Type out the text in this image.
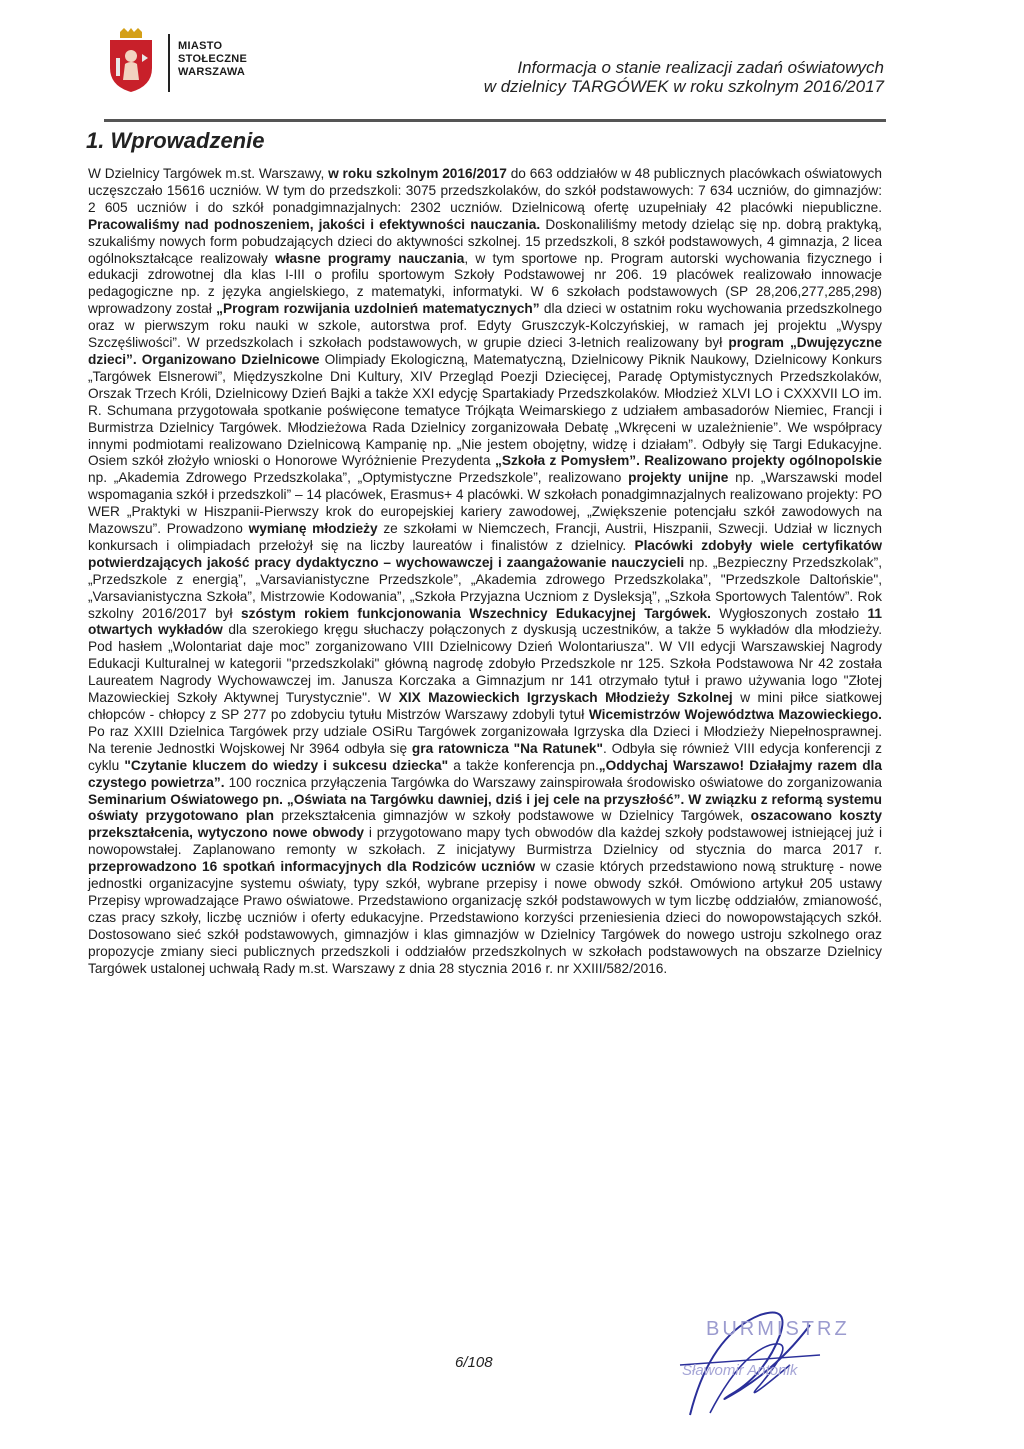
MIASTO
STOŁECZNE
WARSZAWA	Informacja o stanie realizacji zadań oświatowych
w dzielnicy TARGÓWEK w roku szkolnym 2016/2017
1. Wprowadzenie
W Dzielnicy Targówek m.st. Warszawy, w roku szkolnym 2016/2017 do 663 oddziałów w 48 publicznych placówkach oświatowych uczęszczało 15616 uczniów. W tym do przedszkoli: 3075 przedszkolaków, do szkół podstawowych: 7 634 uczniów, do gimnazjów: 2 605 uczniów i do szkół ponadgimnazjalnych: 2302 uczniów. Dzielnicową ofertę uzupełniały 42 placówki niepubliczne. Pracowaliśmy nad podnoszeniem, jakości i efektywności nauczania. Doskonaliliśmy metody dzieląc się np. dobrą praktyką, szukaliśmy nowych form pobudzających dzieci do aktywności szkolnej. 15 przedszkoli, 8 szkół podstawowych, 4 gimnazja, 2 licea ogólnokształcące realizowały własne programy nauczania, w tym sportowe np. Program autorski wychowania fizycznego i edukacji zdrowotnej dla klas I-III o profilu sportowym Szkoły Podstawowej nr 206. 19 placówek realizowało innowacje pedagogiczne np. z języka angielskiego, z matematyki, informatyki. W 6 szkołach podstawowych (SP 28,206,277,285,298) wprowadzony został „Program rozwijania uzdolnień matematycznych” dla dzieci w ostatnim roku wychowania przedszkolnego oraz w pierwszym roku nauki w szkole, autorstwa prof. Edyty Gruszczyk-Kolczyńskiej, w ramach jej projektu „Wyspy Szczęśliwości”. W przedszkolach i szkołach podstawowych, w grupie dzieci 3-letnich realizowany był program „Dwujęzyczne dzieci”. Organizowano Dzielnicowe Olimpiady Ekologiczną, Matematyczną, Dzielnicowy Piknik Naukowy, Dzielnicowy Konkurs „Targówek Elsnerowi”, Międzyszkolne Dni Kultury, XIV Przegląd Poezji Dziecięcej, Paradę Optymistycznych Przedszkolaków, Orszak Trzech Króli, Dzielnicowy Dzień Bajki a także XXI edycję Spartakiady Przedszkolaków. Młodzież XLVI LO i CXXXVII LO im. R. Schumana przygotowała spotkanie poświęcone tematyce Trójkąta Weimarskiego z udziałem ambasadorów Niemiec, Francji i Burmistrza Dzielnicy Targówek. Młodzieżowa Rada Dzielnicy zorganizowała Debatę „Wkręceni w uzależnienie”. We współpracy innymi podmiotami realizowano Dzielnicową Kampanię np. „Nie jestem obojętny, widzę i działam”. Odbyły się Targi Edukacyjne. Osiem szkół złożyło wnioski o Honorowe Wyróżnienie Prezydenta „Szkoła z Pomysłem”. Realizowano projekty ogólnopolskie np. „Akademia Zdrowego Przedszkolaka”, „Optymistyczne Przedszkole”, realizowano projekty unijne np. „Warszawski model wspomagania szkół i przedszkoli” – 14 placówek, Erasmus+ 4 placówki. W szkołach ponadgimnazjalnych realizowano projekty: PO WER „Praktyki w Hiszpanii-Pierwszy krok do europejskiej kariery zawodowej, „Zwiększenie potencjału szkół zawodowych na Mazowszu”. Prowadzono wymianę młodzieży ze szkołami w Niemczech, Francji, Austrii, Hiszpanii, Szwecji. Udział w licznych konkursach i olimpiadach przełożył się na liczby laureatów i finalistów z dzielnicy. Placówki zdobyły wiele certyfikatów potwierdzających jakość pracy dydaktyczno – wychowawczej i zaangażowanie nauczycieli np. „Bezpieczny Przedszkolak”, „Przedszkole z energią”, „Varsavianistyczne Przedszkole”, „Akademia zdrowego Przedszkolaka”, "Przedszkole Daltońskie", „Varsavianistyczna Szkoła”, Mistrzowie Kodowania”, „Szkoła Przyjazna Uczniom z Dysleksją”, „Szkoła Sportowych Talentów”. Rok szkolny 2016/2017 był szóstym rokiem funkcjonowania Wszechnicy Edukacyjnej Targówek. Wygłoszonych zostało 11 otwartych wykładów dla szerokiego kręgu słuchaczy połączonych z dyskusją uczestników, a także 5 wykładów dla młodzieży. Pod hasłem „Wolontariat daje moc” zorganizowano VIII Dzielnicowy Dzień Wolontariusza". W VII edycji Warszawskiej Nagrody Edukacji Kulturalnej w kategorii "przedszkolaki" główną nagrodę zdobyło Przedszkole nr 125. Szkoła Podstawowa Nr 42 została Laureatem Nagrody Wychowawczej im. Janusza Korczaka a Gimnazjum nr 141 otrzymało tytuł i prawo używania logo "Złotej Mazowieckiej Szkoły Aktywnej Turystycznie". W XIX Mazowieckich Igrzyskach Młodzieży Szkolnej w mini piłce siatkowej chłopców - chłopcy z SP 277 po zdobyciu tytułu Mistrzów Warszawy zdobyli tytuł Wicemistrzów Województwa Mazowieckiego. Po raz XXIII Dzielnica Targówek przy udziale OSiRu Targówek zorganizowała Igrzyska dla Dzieci i Młodzieży Niepełnosprawnej. Na terenie Jednostki Wojskowej Nr 3964 odbyła się gra ratownicza "Na Ratunek". Odbyła się również VIII edycja konferencji z cyklu "Czytanie kluczem do wiedzy i sukcesu dziecka" a także konferencja pn.„Oddychaj Warszawo! Działajmy razem dla czystego powietrza”. 100 rocznica przyłączenia Targówka do Warszawy zainspirowała środowisko oświatowe do zorganizowania Seminarium Oświatowego pn. „Oświata na Targówku dawniej, dziś i jej cele na przyszłość”. W związku z reformą systemu oświaty przygotowano plan przekształcenia gimnazjów w szkoły podstawowe w Dzielnicy Targówek, oszacowano koszty przekształcenia, wytyczono nowe obwody i przygotowano mapy tych obwodów dla każdej szkoły podstawowej istniejącej już i nowopowstałej. Zaplanowano remonty w szkołach. Z inicjatywy Burmistrza Dzielnicy od stycznia do marca 2017 r. przeprowadzono 16 spotkań informacyjnych dla Rodziców uczniów w czasie których przedstawiono nową strukturę - nowe jednostki organizacyjne systemu oświaty, typy szkół, wybrane przepisy i nowe obwody szkół. Omówiono artykuł 205 ustawy Przepisy wprowadzające Prawo oświatowe. Przedstawiono organizację szkół podstawowych w tym liczbę oddziałów, zmianowość, czas pracy szkoły, liczbę uczniów i oferty edukacyjne. Przedstawiono korzyści przeniesienia dzieci do nowopowstających szkół. Dostosowano sieć szkół podstawowych, gimnazjów i klas gimnazjów w Dzielnicy Targówek do nowego ustroju szkolnego oraz propozycje zmiany sieci publicznych przedszkoli i oddziałów przedszkolnych w szkołach podstawowych na obszarze Dzielnicy Targówek ustalonej uchwałą Rady m.st. Warszawy z dnia 28 stycznia 2016 r. nr XXIII/582/2016.
BURMISTRZ
Sławomir Antonik
6/108
